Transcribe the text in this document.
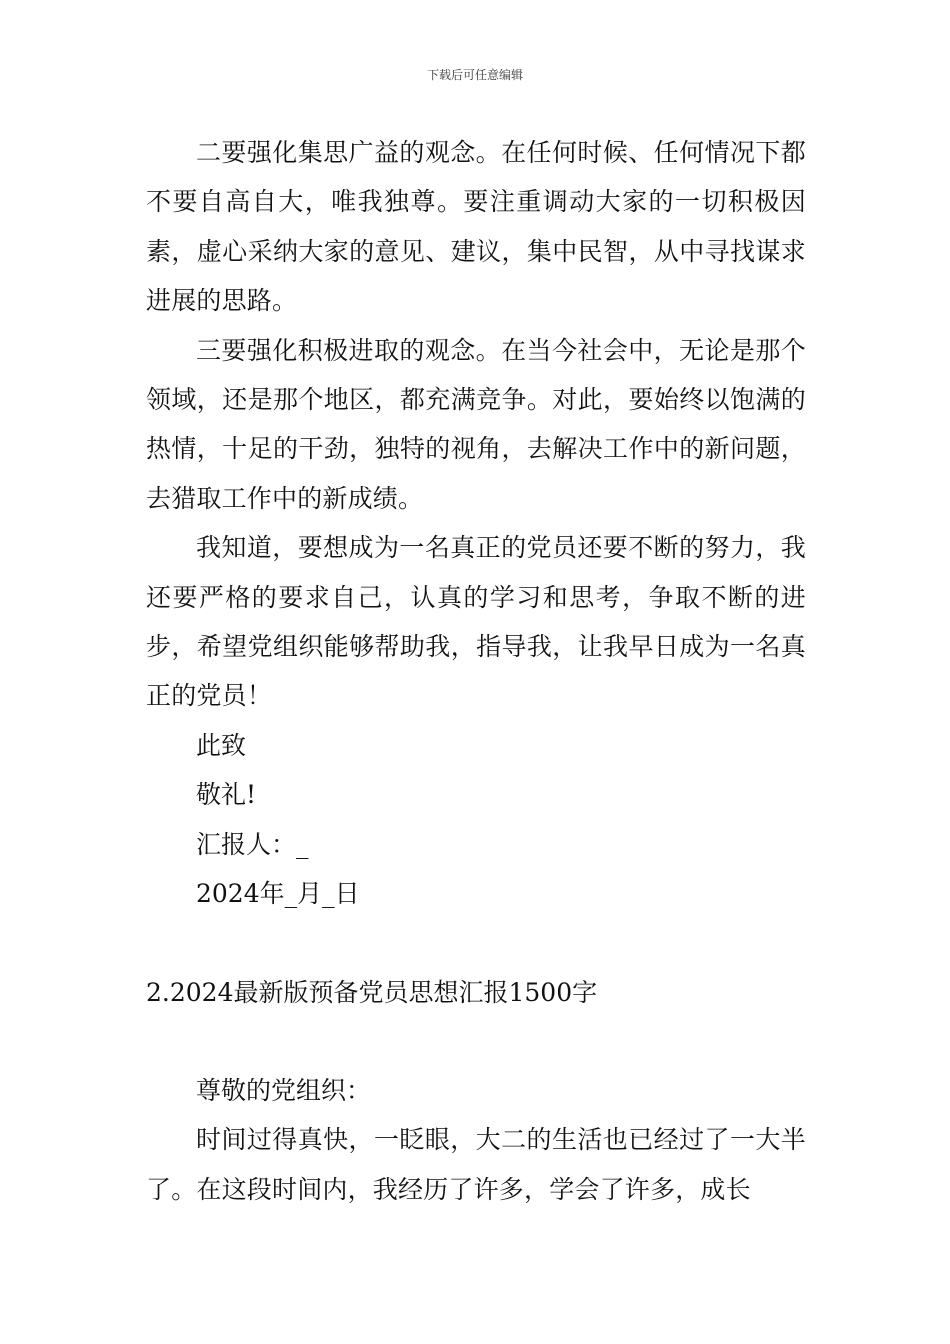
下载后可任意编辑

二要强化集思广益的观念。在任何时候、任何情况下都不要自高自大，唯我独尊。要注重调动大家的一切积极因素，虚心采纳大家的意见、建议，集中民智，从中寻找谋求进展的思路。

三要强化积极进取的观念。在当今社会中，无论是那个领域，还是那个地区，都充满竞争。对此，要始终以饱满的热情，十足的干劲，独特的视角，去解决工作中的新问题，去猎取工作中的新成绩。

我知道，要想成为一名真正的党员还要不断的努力，我还要严格的要求自己，认真的学习和思考，争取不断的进步，希望党组织能够帮助我，指导我，让我早日成为一名真正的党员！

此致

敬礼!

汇报人：_

2024年_月_日

2.2024最新版预备党员思想汇报1500字

尊敬的党组织：

时间过得真快，一眨眼，大二的生活也已经过了一大半了。在这段时间内，我经历了许多，学会了许多，成长
